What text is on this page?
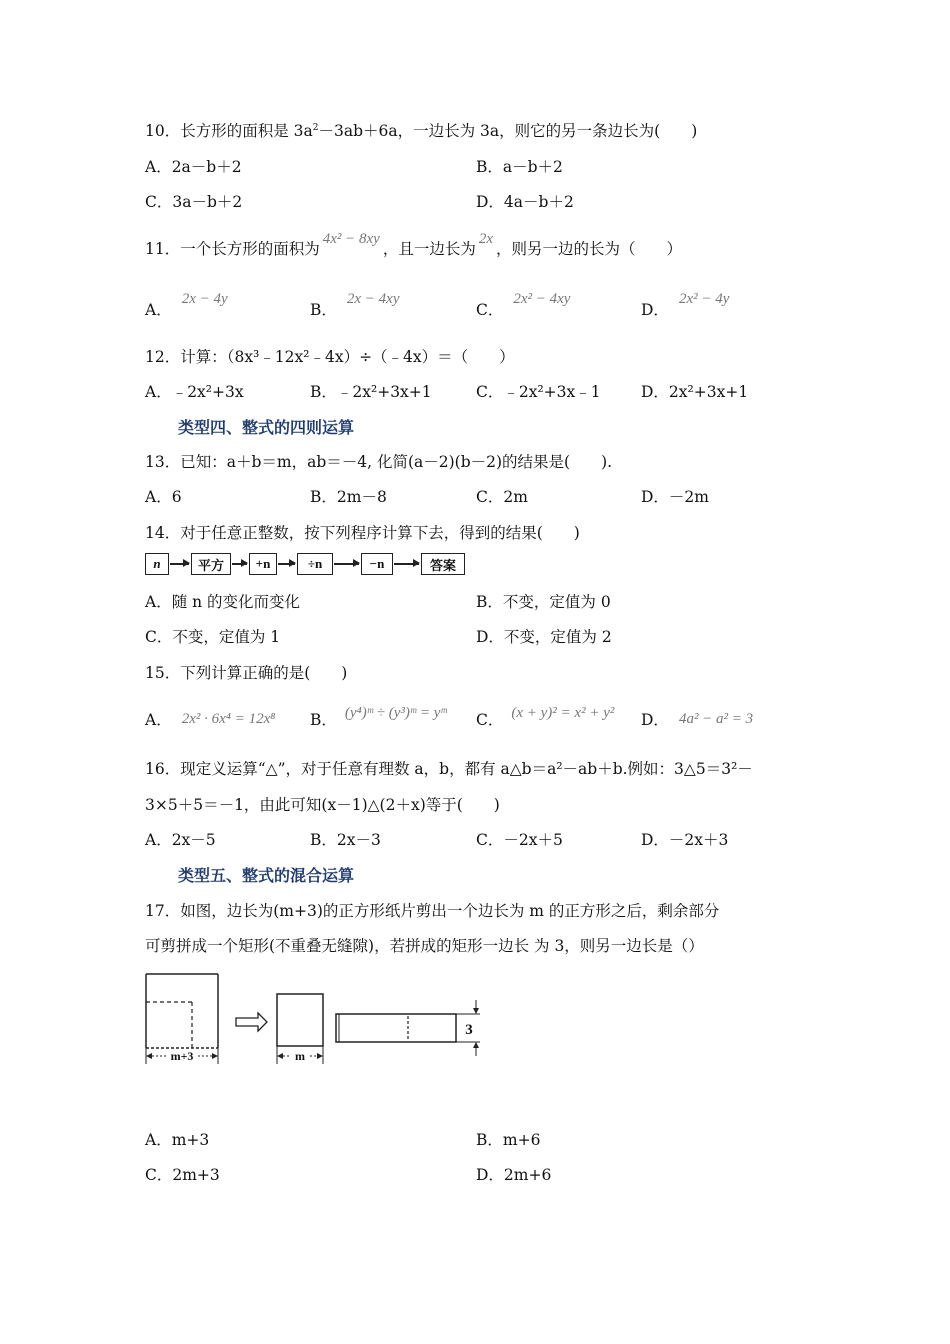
10．长方形的面积是 $3a^2-3ab+6a$，一边长为 3a，则它的另一条边长为(　　)
A．2a－b＋2	B．a－b＋2
C．3a－b＋2	D．4a－b＋2
11．一个长方形的面积为4x² − 8xy，且一边长为2x，则另一边的长为（　　）
A．2x − 4y
B．2x − 4xy
C．2x² − 4xy
D．2x² − 4y
12．计算：（8x³﹣12x²﹣4x）÷（﹣4x）＝（　　）
A．﹣2x²+3x	B．﹣2x²+3x+1	C．﹣2x²+3x﹣1	D．2x²+3x+1
类型四、整式的四则运算
13．已知：a＋b＝m，ab＝－4, 化简(a－2)(b－2)的结果是(　　).
A．6	B．2m－8	C．2m	D．－2m
14．对于任意正整数，按下列程序计算下去，得到的结果(　　)
n	平方	+n	÷n	−n	答案
A．随 n 的变化而变化	B．不变，定值为 0
C．不变，定值为 1	D．不变，定值为 2
15．下列计算正确的是(　　)
A． 2x² · 6x⁴ = 12x⁸ B． (y⁴)ᵐ ÷ (y³)ᵐ = yᵐ C． (x + y)² = x² + y² D． 4a² − a² = 3
16．现定义运算“△”，对于任意有理数 a，b，都有 a△b＝a²－ab＋b.例如：3△5＝3²－
3×5＋5＝－1，由此可知(x－1)△(2＋x)等于(　　)
A．2x－5	B．2x－3	C．－2x＋5	D．－2x＋3
类型五、整式的混合运算
17．如图，边长为(m+3)的正方形纸片剪出一个边长为 m 的正方形之后，剩余部分
可剪拼成一个矩形(不重叠无缝隙)，若拼成的矩形一边长 为 3，则另一边长是（）
m+3	m
3
A．m+3	B．m+6
C．2m+3	D．2m+6
